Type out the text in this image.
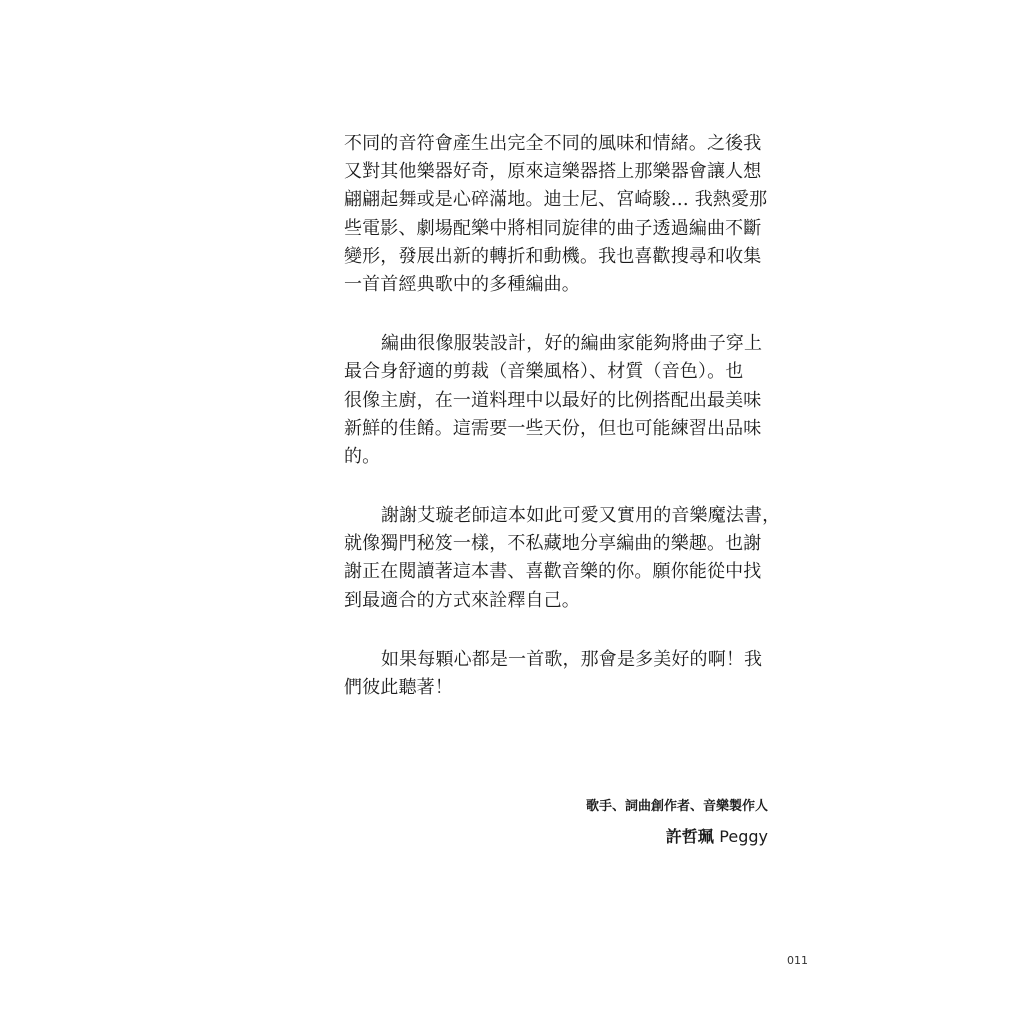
不同的音符會產生出完全不同的風味和情緒。之後我
又對其他樂器好奇，原來這樂器搭上那樂器會讓人想
翩翩起舞或是心碎滿地。迪士尼、宮崎駿… 我熱愛那
些電影、劇場配樂中將相同旋律的曲子透過編曲不斷
變形，發展出新的轉折和動機。我也喜歡搜尋和收集
一首首經典歌中的多種編曲。

編曲很像服裝設計，好的編曲家能夠將曲子穿上
最合身舒適的剪裁（音樂風格）、材質（音色）。也
很像主廚，在一道料理中以最好的比例搭配出最美味
新鮮的佳餚。這需要一些天份，但也可能練習出品味
的。

謝謝艾璇老師這本如此可愛又實用的音樂魔法書，
就像獨門秘笈一樣，不私藏地分享編曲的樂趣。也謝
謝正在閱讀著這本書、喜歡音樂的你。願你能從中找
到最適合的方式來詮釋自己。

如果每顆心都是一首歌，那會是多美好的啊！我
們彼此聽著！

歌手、詞曲創作者、音樂製作人
許哲珮 Peggy
011
